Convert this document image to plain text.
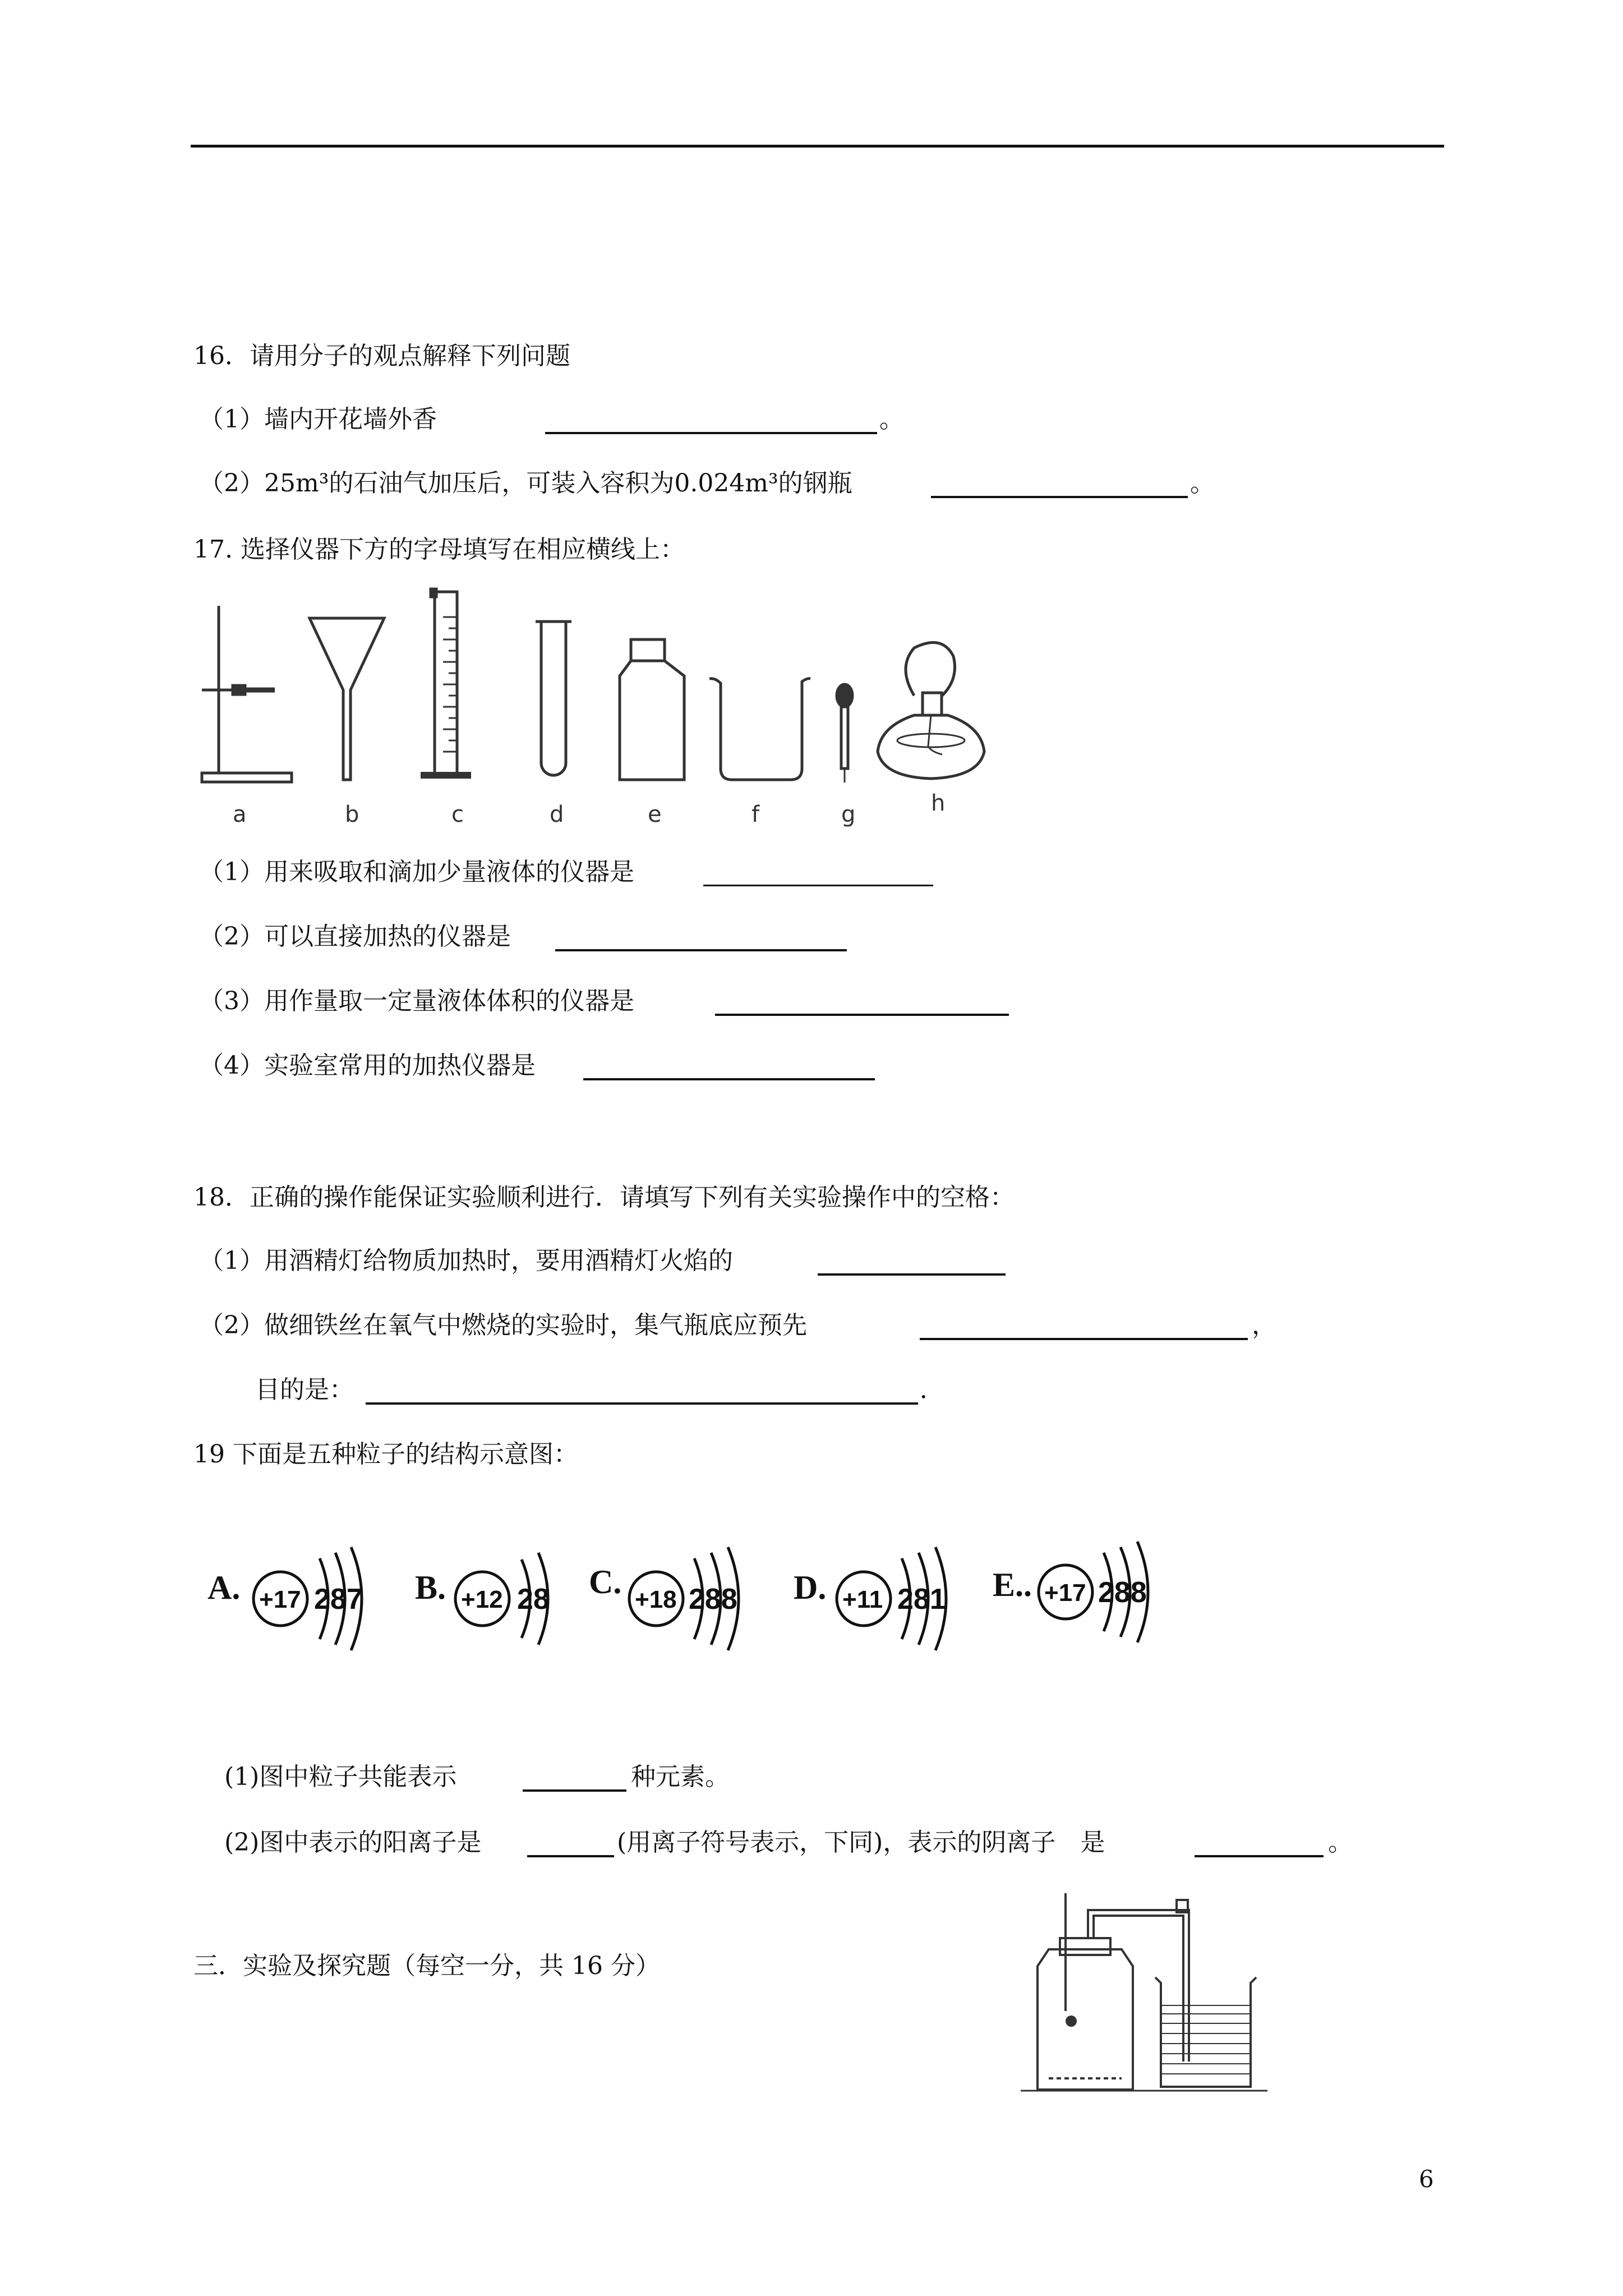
16．请用分子的观点解释下列问题
（1）墙内开花墙外香	。
（2）25m³的石油气加压后，可装入容积为0.024m³的钢瓶	。
17. 选择仪器下方的字母填写在相应横线上：
a	b	c	d	e	f	g	h
（1）用来吸取和滴加少量液体的仪器是
（2）可以直接加热的仪器是
（3）用作量取一定量液体体积的仪器是
（4）实验室常用的加热仪器是
18．正确的操作能保证实验顺利进行．请填写下列有关实验操作中的空格：
（1）用酒精灯给物质加热时，要用酒精灯火焰的
（2）做细铁丝在氧气中燃烧的实验时，集气瓶底应预先	，
目的是：	．
19 下面是五种粒子的结构示意图：
A. +17 287 B. +12 28 C. +18 288 D. +11 281 E.. +17 288
(1)图中粒子共能表示	种元素。
(2)图中表示的阳离子是	(用离子符号表示，下同)，表示的阴离子　是	。
三．实验及探究题（每空一分，共 16 分）
6
